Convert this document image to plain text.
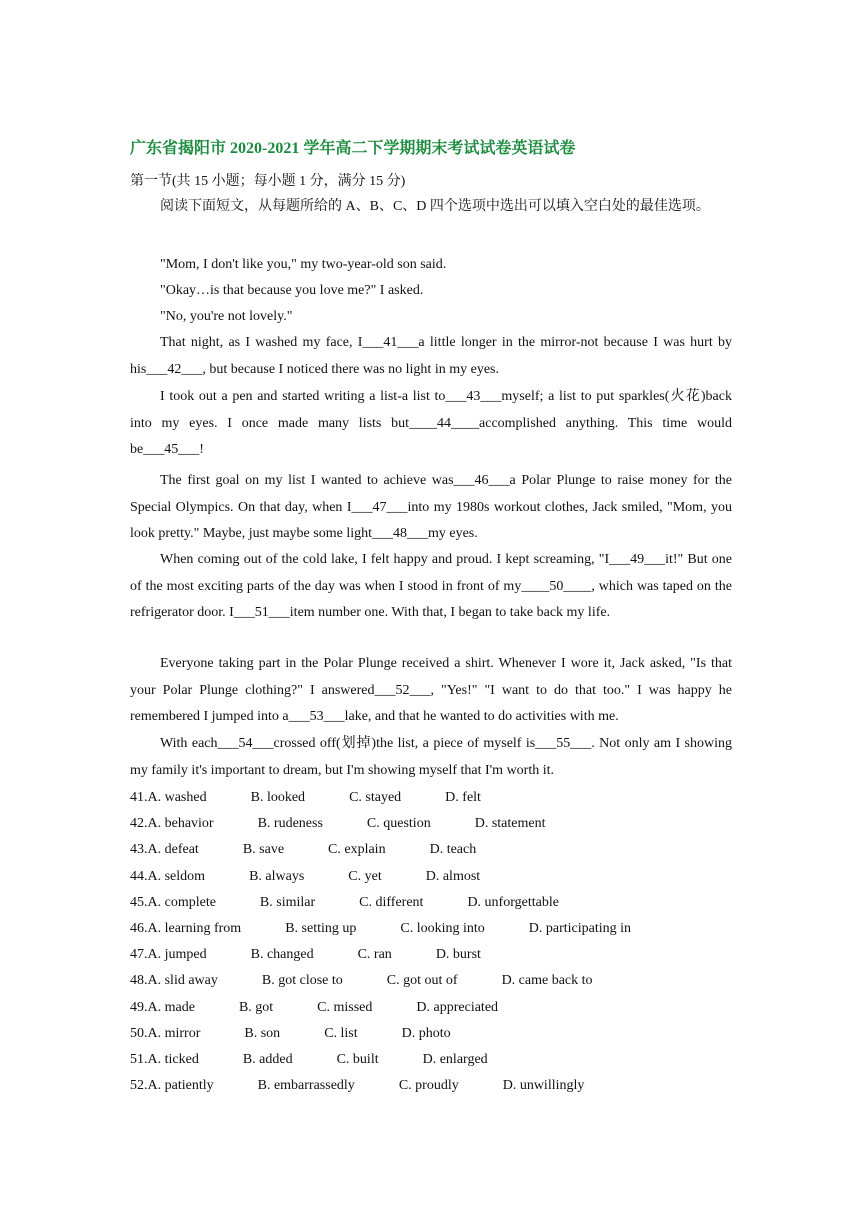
广东省揭阳市 2020-2021 学年高二下学期期末考试试卷英语试卷
第一节(共 15 小题；每小题 1 分，满分 15 分)
阅读下面短文，从每题所给的 A、B、C、D 四个选项中选出可以填入空白处的最佳选项。
"Mom, I don't like you," my two-year-old son said.
"Okay…is that because you love me?" I asked.
"No, you're not lovely."
That night, as I washed my face, I___41___a little longer in the mirror-not because I was hurt by his___42___, but because I noticed there was no light in my eyes.
I took out a pen and started writing a list-a list to___43___myself; a list to put sparkles(火花)back into my eyes. I once made many lists but____44____accomplished anything. This time would be___45___!
The first goal on my list I wanted to achieve was___46___a Polar Plunge to raise money for the Special Olympics. On that day, when I___47___into my 1980s workout clothes, Jack smiled, "Mom, you look pretty." Maybe, just maybe some light___48___my eyes.
When coming out of the cold lake, I felt happy and proud. I kept screaming, "I___49___it!" But one of the most exciting parts of the day was when I stood in front of my____50____, which was taped on the refrigerator door. I___51___item number one. With that, I began to take back my life.
Everyone taking part in the Polar Plunge received a shirt. Whenever I wore it, Jack asked, "Is that your Polar Plunge clothing?" I answered___52___, "Yes!" "I want to do that too." I was happy he remembered I jumped into a___53___lake, and that he wanted to do activities with me.
With each___54___crossed off(划掉)the list, a piece of myself is___55___. Not only am I showing my family it's important to dream, but I'm showing myself that I'm worth it.
41. A. washed	B. looked	C. stayed	D. felt
42. A. behavior	B. rudeness	C. question	D. statement
43. A. defeat	B. save	C. explain	D. teach
44. A. seldom	B. always	C. yet	D. almost
45. A. complete	B. similar	C. different	D. unforgettable
46. A. learning from	B. setting up	C. looking into	D. participating in
47. A. jumped	B. changed	C. ran	D. burst
48. A. slid away	B. got close to	C. got out of	D. came back to
49. A. made	B. got	C. missed	D. appreciated
50. A. mirror	B. son	C. list	D. photo
51. A. ticked	B. added	C. built	D. enlarged
52. A. patiently	B. embarrassedly	C. proudly	D. unwillingly
